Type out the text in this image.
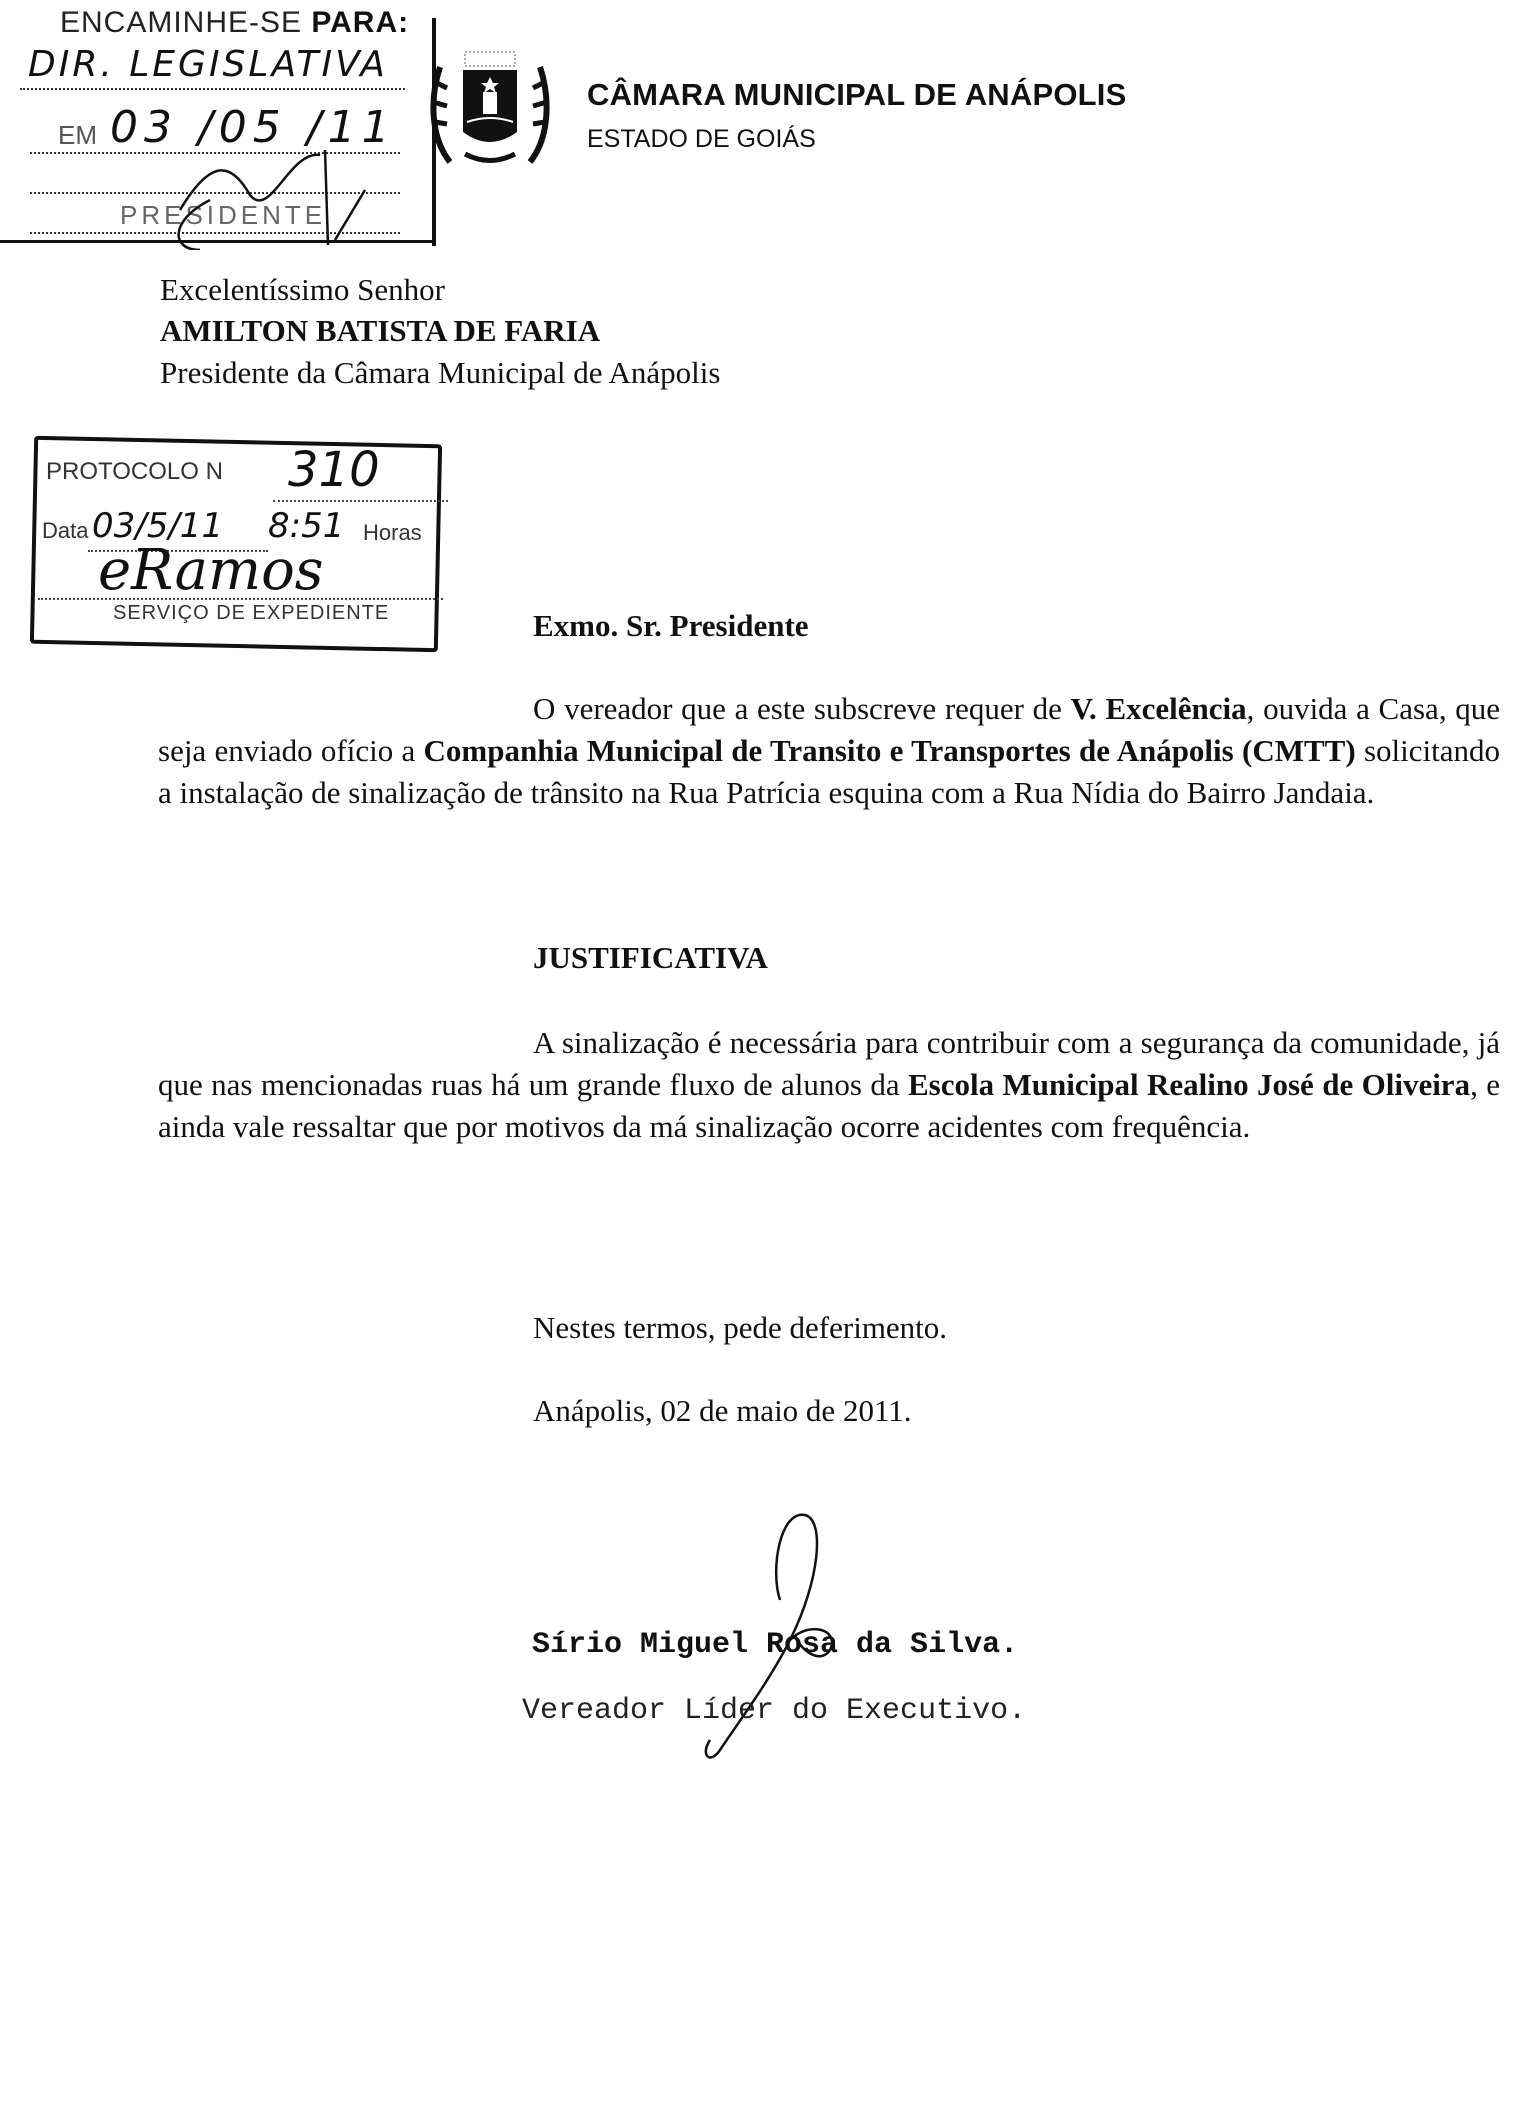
ENCAMINHE-SE PARA:
DIR. LEGISLATIVA
EM 03 /05 /11
PRESIDENTE
CÂMARA MUNICIPAL DE ANÁPOLIS
ESTADO DE GOIÁS
Excelentíssimo Senhor
AMILTON BATISTA DE FARIA
Presidente da Câmara Municipal de Anápolis
PROTOCOLO N 310
Data 03/5/11 8:51 Horas
eRamos
SERVIÇO DE EXPEDIENTE	Exmo. Sr. Presidente
O vereador que a este subscreve requer de V. Excelência, ouvida a Casa, que seja enviado ofício a Companhia Municipal de Transito e Transportes de Anápolis (CMTT) solicitando a instalação de sinalização de trânsito na Rua Patrícia esquina com a Rua Nídia do Bairro Jandaia.
JUSTIFICATIVA
A sinalização é necessária para contribuir com a segurança da comunidade, já que nas mencionadas ruas há um grande fluxo de alunos da Escola Municipal Realino José de Oliveira, e ainda vale ressaltar que por motivos da má sinalização ocorre acidentes com frequência.
Nestes termos, pede deferimento.
Anápolis, 02 de maio de 2011.
Sírio Miguel Rosa da Silva.
Vereador Líder do Executivo.
